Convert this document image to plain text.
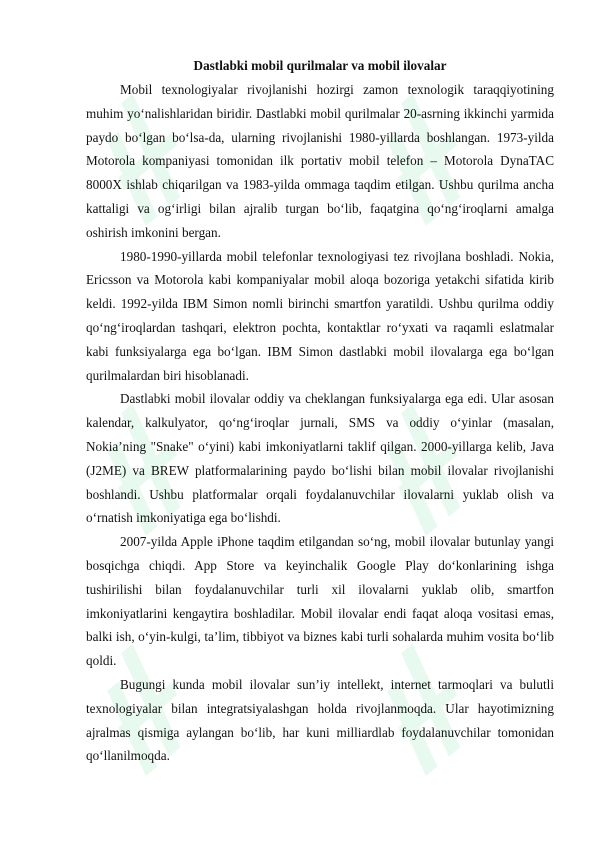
Dastlabki mobil qurilmalar va mobil ilovalar

Mobil texnologiyalar rivojlanishi hozirgi zamon texnologik taraqqiyotining muhim yo‘nalishlaridan biridir. Dastlabki mobil qurilmalar 20-asrning ikkinchi yarmida paydo bo‘lgan bo‘lsa-da, ularning rivojlanishi 1980-yillarda boshlangan. 1973-yilda Motorola kompaniyasi tomonidan ilk portativ mobil telefon – Motorola DynaTAC 8000X ishlab chiqarilgan va 1983-yilda ommaga taqdim etilgan. Ushbu qurilma ancha kattaligi va og‘irligi bilan ajralib turgan bo‘lib, faqatgina qo‘ng‘iroqlarni amalga oshirish imkonini bergan.

1980-1990-yillarda mobil telefonlar texnologiyasi tez rivojlana boshladi. Nokia, Ericsson va Motorola kabi kompaniyalar mobil aloqa bozoriga yetakchi sifatida kirib keldi. 1992-yilda IBM Simon nomli birinchi smartfon yaratildi. Ushbu qurilma oddiy qo‘ng‘iroqlardan tashqari, elektron pochta, kontaktlar ro‘yxati va raqamli eslatmalar kabi funksiyalarga ega bo‘lgan. IBM Simon dastlabki mobil ilovalarga ega bo‘lgan qurilmalardan biri hisoblanadi.

Dastlabki mobil ilovalar oddiy va cheklangan funksiyalarga ega edi. Ular asosan kalendar, kalkulyator, qo‘ng‘iroqlar jurnali, SMS va oddiy o‘yinlar (masalan, Nokia’ning "Snake" o‘yini) kabi imkoniyatlarni taklif qilgan. 2000-yillarga kelib, Java (J2ME) va BREW platformalarining paydo bo‘lishi bilan mobil ilovalar rivojlanishi boshlandi. Ushbu platformalar orqali foydalanuvchilar ilovalarni yuklab olish va o‘rnatish imkoniyatiga ega bo‘lishdi.

2007-yilda Apple iPhone taqdim etilgandan so‘ng, mobil ilovalar butunlay yangi bosqichga chiqdi. App Store va keyinchalik Google Play do‘konlarining ishga tushirilishi bilan foydalanuvchilar turli xil ilovalarni yuklab olib, smartfon imkoniyatlarini kengaytira boshladilar. Mobil ilovalar endi faqat aloqa vositasi emas, balki ish, o‘yin-kulgi, ta’lim, tibbiyot va biznes kabi turli sohalarda muhim vosita bo‘lib qoldi.

Bugungi kunda mobil ilovalar sun’iy intellekt, internet tarmoqlari va bulutli texnologiyalar bilan integratsiyalashgan holda rivojlanmoqda. Ular hayotimizning ajralmas qismiga aylangan bo‘lib, har kuni milliardlab foydalanuvchilar tomonidan qo‘llanilmoqda.
